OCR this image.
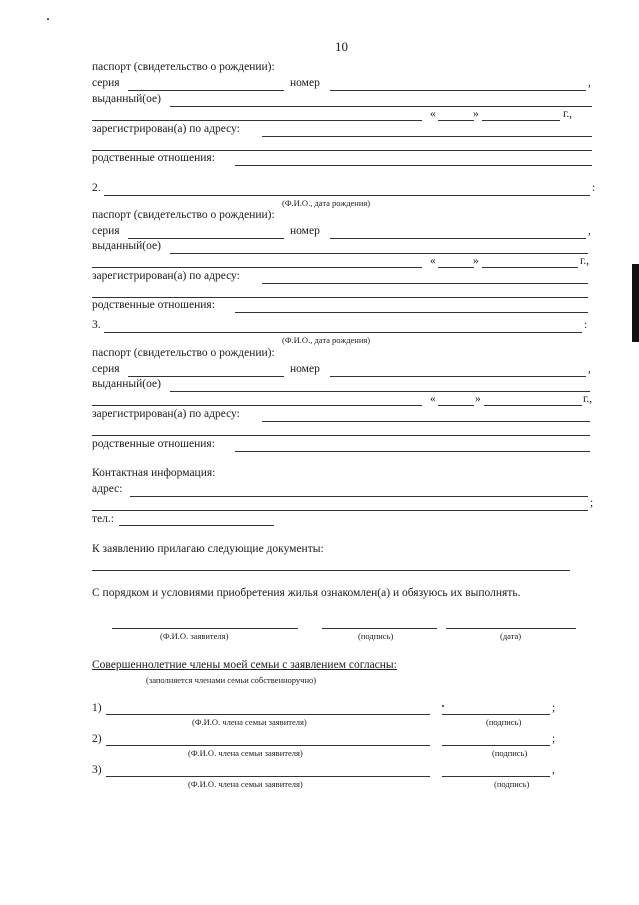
10
паспорт (свидетельство о рождении):
серия	номер	,
выданный(ое)
«	»	г.,
зарегистрирован(а) по адресу:
родственные отношения:
2.	:
(Ф.И.О., дата рождения)
паспорт (свидетельство о рождении):
серия	номер	,
выданный(ое)
«	»	г.,
зарегистрирован(а) по адресу:
родственные отношения:
3.	:
(Ф.И.О., дата рождения)
паспорт (свидетельство о рождении):
серия	номер	,
выданный(ое)
«	»	г.,
зарегистрирован(а) по адресу:
родственные отношения:
Контактная информация:
адрес:
;
тел.:
К заявлению прилагаю следующие документы:
С порядком и условиями приобретения жилья ознакомлен(а) и обязуюсь их выполнять.
(Ф.И.О. заявителя)	(подпись)	(дата)
Совершеннолетние члены моей семьи с заявлением согласны:
(заполняется членами семьи собственноручно)
1)	;
(Ф.И.О. члена семьи заявителя)	(подпись)
2)	;
(Ф.И.О. члена семьи заявителя)	(подпись)
3)	,
(Ф.И.О. члена семьи заявителя)	(подпись)
